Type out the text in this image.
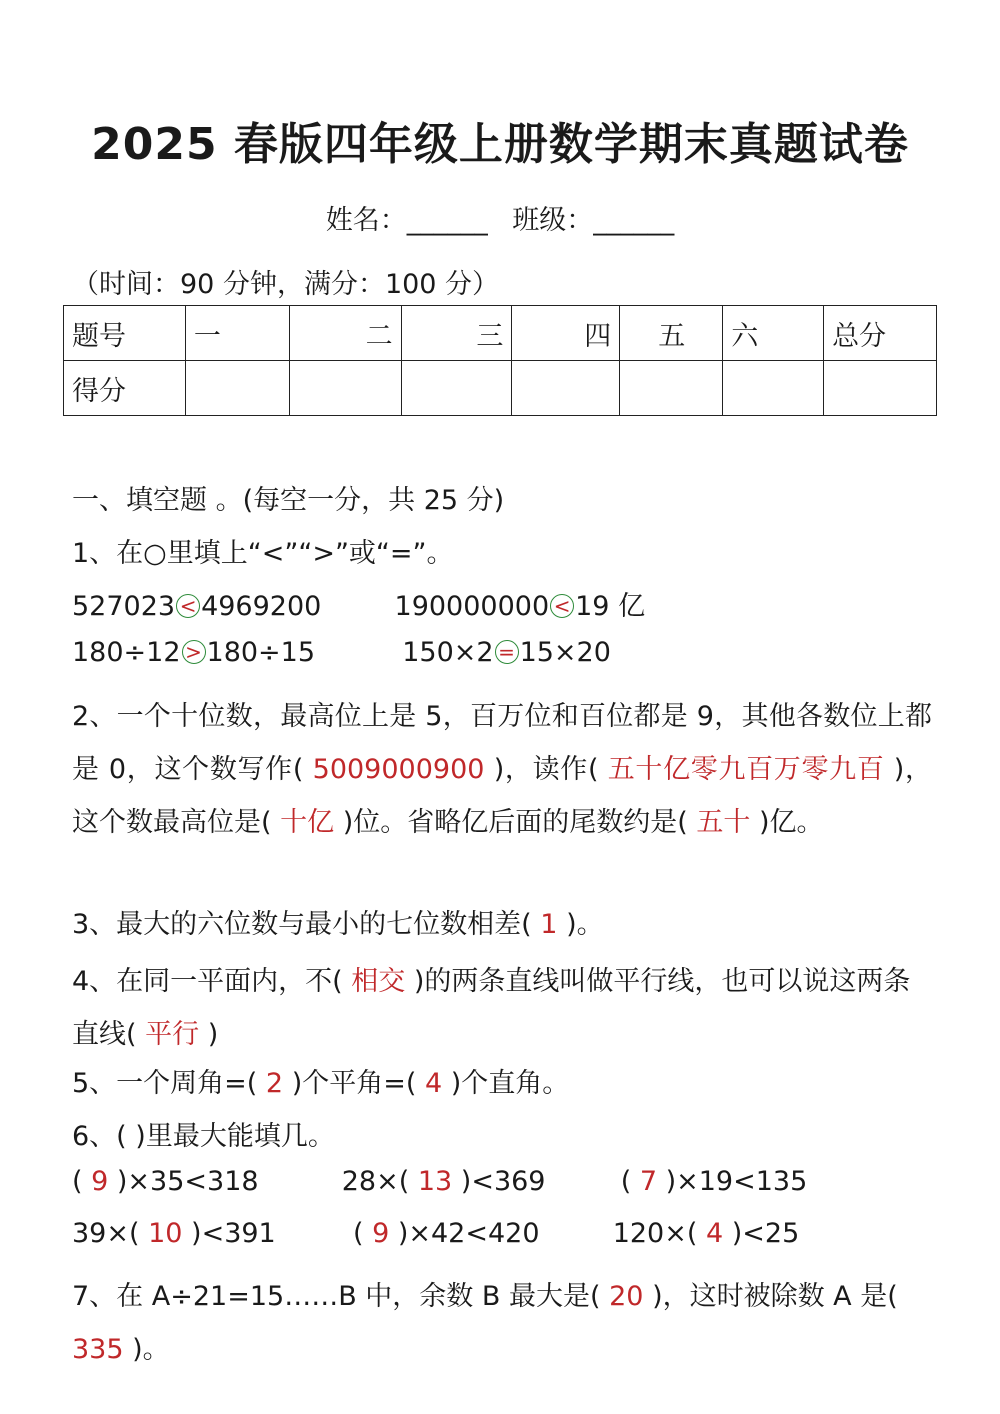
2025 春版四年级上册数学期末真题试卷
姓名：______ 班级：______
（时间：90 分钟，满分：100 分）
题号	一	二	三	四	五	六	总分
得分							
一、填空题 。(每空一分，共 25 分)
1、在○里填上“<”“>”或“=”。
527023 < 4969200	190000000 < 19 亿
180÷12 > 180÷15	150×2 = 15×20
2、一个十位数，最高位上是 5，百万位和百位都是 9，其他各数位上都是 0，这个数写作( 5009000900 )，读作( 五十亿零九百万零九百 )，这个数最高位是( 十亿 )位。省略亿后面的尾数约是( 五十 )亿。
3、最大的六位数与最小的七位数相差( 1 )。
4、在同一平面内，不( 相交 )的两条直线叫做平行线，也可以说这两条直线( 平行 )
5、一个周角=( 2 )个平角=( 4 )个直角。
6、( )里最大能填几。
( 9 )×35<318	28×( 13 )<369	( 7 )×19<135
39×( 10 )<391	( 9 )×42<420	120×( 4 )<25
7、在 A÷21=15……B 中，余数 B 最大是( 20 )，这时被除数 A 是( 335 )。
